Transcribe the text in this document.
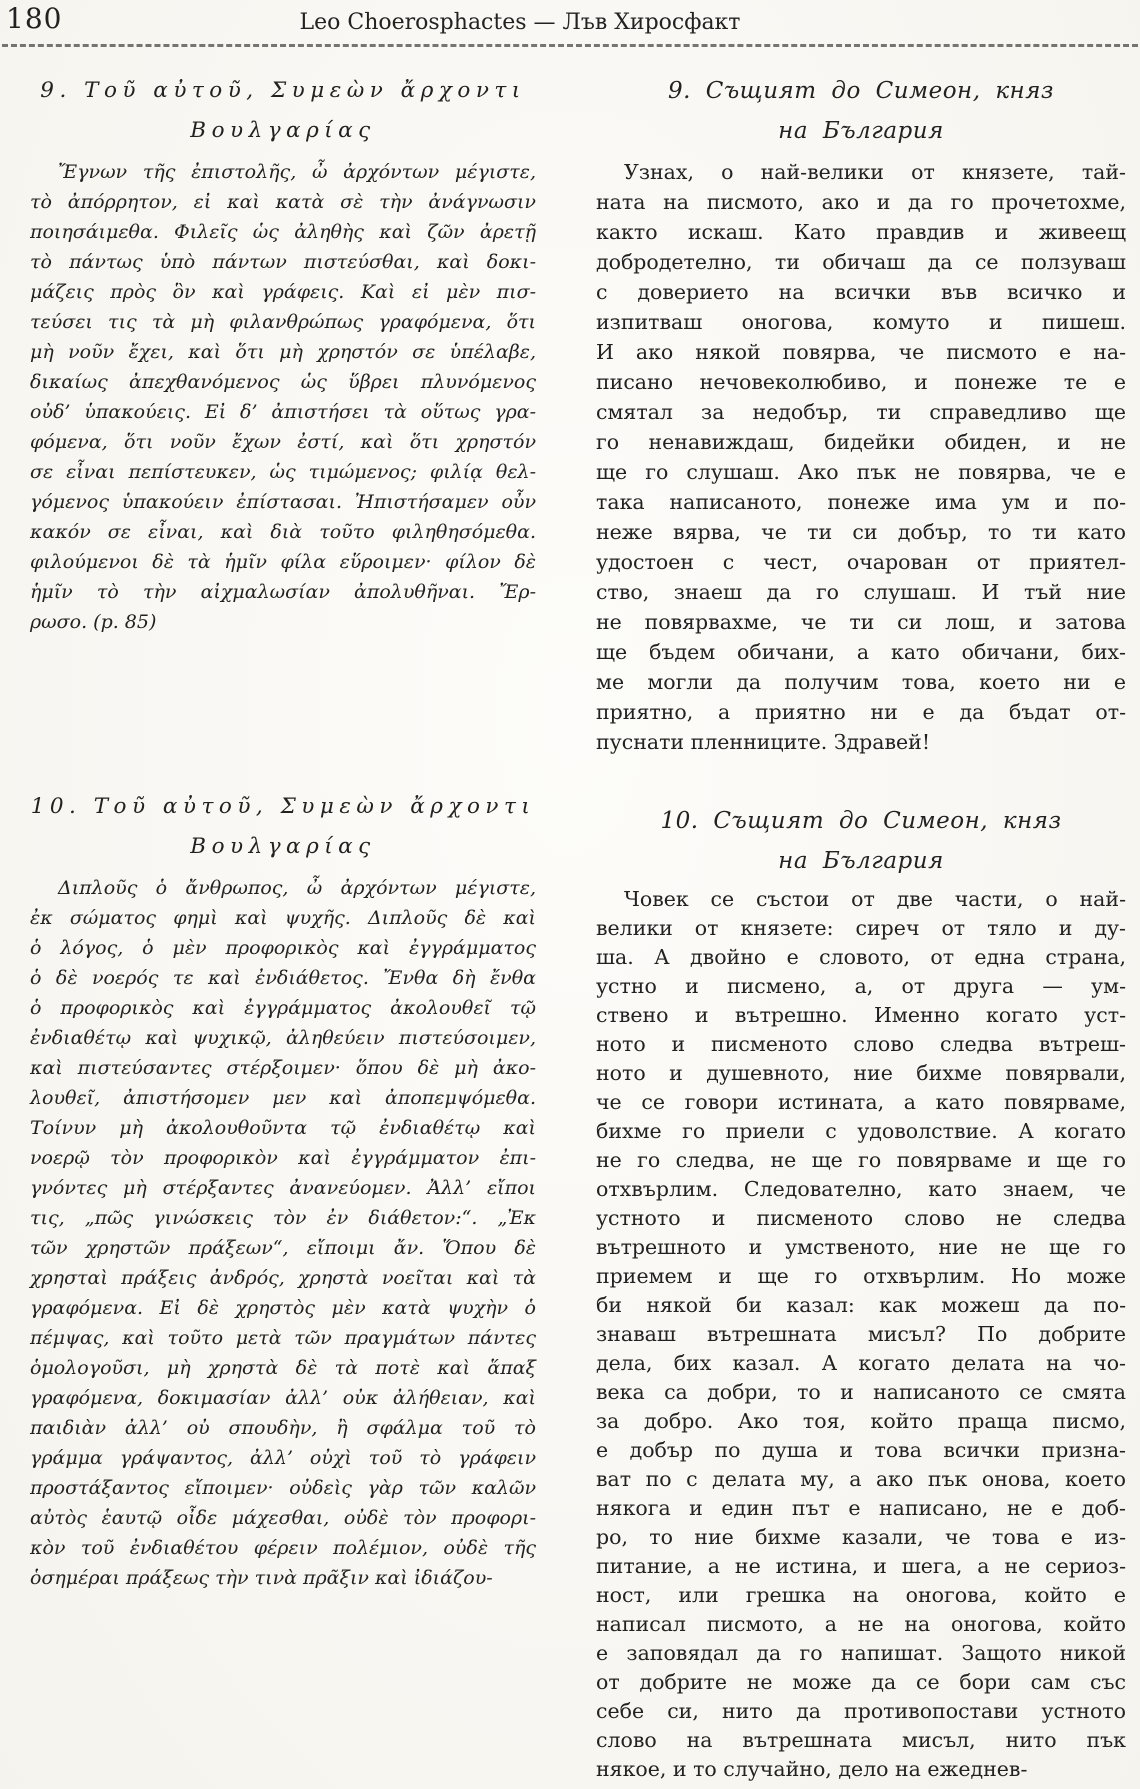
180	Leo Choerosphactes — Лъв Хиросфакт
9. Τοῦ αὐτοῦ, Συμεὼν ἄρχοντι
Βουλγαρίας
Ἔγνων τῆς ἐπιστολῆς, ὦ ἀρχόντων μέγιστε,
τὸ ἀπόρρητον, εἰ καὶ κατὰ σὲ τὴν ἀνάγνωσιν
ποιησάιμεθα. Φιλεῖς ὡς ἀληθὴς καὶ ζῶν ἀρετῇ
τὸ πάντως ὑπὸ πάντων πιστεύσθαι, καὶ δοκι-
μάζεις πρὸς ὃν καὶ γράφεις. Καὶ εἰ μὲν πισ-
τεύσει τις τὰ μὴ φιλανθρώπως γραφόμενα, ὅτι
μὴ νοῦν ἔχει, καὶ ὅτι μὴ χρηστόν σε ὑπέλαβε,
δικαίως ἀπεχθανόμενος ὡς ὕβρει πλυνόμενος
οὐδ’ ὑπακούεις. Εἰ δ’ ἀπιστήσει τὰ οὕτως γρα-
φόμενα, ὅτι νοῦν ἔχων ἐστί, καὶ ὅτι χρηστόν
σε εἶναι πεπίστευκεν, ὡς τιμώμενος; φιλίᾳ θελ-
γόμενος ὑπακούειν ἐπίστασαι. Ἠπιστήσαμεν οὖν
κακόν σε εἶναι, καὶ διὰ τοῦτο φιληθησόμεθα.
φιλούμενοι δὲ τὰ ἡμῖν φίλα εὕροιμεν· φίλον δὲ
ἡμῖν τὸ τὴν αἰχμαλωσίαν ἀπολυθῆναι. Ἔρ-
ρωσο. (p. 85)
10. Τοῦ αὐτοῦ, Συμεὼν ἄρχοντι
Βουλγαρίας
Διπλοῦς ὁ ἄνθρωπος, ὦ ἀρχόντων μέγιστε,
ἐκ σώματος φημὶ καὶ ψυχῆς. Διπλοῦς δὲ καὶ
ὁ λόγος, ὁ μὲν προφορικὸς καὶ ἐγγράμματος
ὁ δὲ νοερός τε καὶ ἐνδιάθετος. Ἔνθα δὴ ἔνθα
ὁ προφορικὸς καὶ ἐγγράμματος ἀκολουθεῖ τῷ
ἐνδιαθέτῳ καὶ ψυχικῷ, ἀληθεύειν πιστεύσοιμεν,
καὶ πιστεύσαντες στέρξοιμεν· ὅπου δὲ μὴ ἀκο-
λουθεῖ, ἀπιστήσομεν μεν καὶ ἀποπεμψόμεθα.
Τοίνυν μὴ ἀκολουθοῦντα τῷ ἐνδιαθέτῳ καὶ
νοερῷ τὸν προφορικὸν καὶ ἐγγράμματον ἐπι-
γνόντες μὴ στέρξαντες ἀνανεύομεν. Ἀλλ’ εἴποι
τις, „πῶς γινώσκεις τὸν ἐν διάθετον:“. „Ἐκ
τῶν χρηστῶν πράξεων“, εἴποιμι ἄν. Ὅπου δὲ
χρησταὶ πράξεις ἀνδρός, χρηστὰ νοεῖται καὶ τὰ
γραφόμενα. Εἰ δὲ χρηστὸς μὲν κατὰ ψυχὴν ὁ
πέμψας, καὶ τοῦτο μετὰ τῶν πραγμάτων πάντες
ὁμολογοῦσι, μὴ χρηστὰ δὲ τὰ ποτὲ καὶ ἅπαξ
γραφόμενα, δοκιμασίαν ἀλλ’ οὐκ ἀλήθειαν, καὶ
παιδιὰν ἀλλ’ οὐ σπουδὴν, ἢ σφάλμα τοῦ τὸ
γράμμα γράψαντος, ἀλλ’ οὐχὶ τοῦ τὸ γράφειν
προστάξαντος εἴποιμεν· οὐδεὶς γὰρ τῶν καλῶν
αὐτὸς ἑαυτῷ οἶδε μάχεσθαι, οὐδὲ τὸν προφορι-
κὸν τοῦ ἐνδιαθέτου φέρειν πολέμιον, οὐδὲ τῆς
ὁσημέραι πράξεως τὴν τινὰ πρᾶξιν καὶ ἰδιάζου-
9. Същият до Симеон, княз
на България
Узнах, о най-велики от князете, тай-
ната на писмото, ако и да го прочетохме,
както искаш. Като правдив и живеещ
добродетелно, ти обичаш да се ползуваш
с доверието на всички във всичко и
изпитваш оногова, комуто и пишеш.
И ако някой повярва, че писмото е на-
писано нечовеколюбиво, и понеже те е
смятал за недобър, ти справедливо ще
го ненавиждаш, бидейки обиден, и не
ще го слушаш. Ако пък не повярва, че е
така написаното, понеже има ум и по-
неже вярва, че ти си добър, то ти като
удостоен с чест, очарован от приятел-
ство, знаеш да го слушаш. И тъй ние
не повярвахме, че ти си лош, и затова
ще бъдем обичани, а като обичани, бих-
ме могли да получим това, което ни е
приятно, а приятно ни е да бъдат от-
пуснати пленниците. Здравей!
10. Същият до Симеон, княз
на България
Човек се състои от две части, о най-
велики от князете: сиреч от тяло и ду-
ша. А двойно е словото, от една страна,
устно и писмено, а, от друга — ум-
ствено и вътрешно. Именно когато уст-
ното и писменото слово следва вътреш-
ното и душевното, ние бихме повярвали,
че се говори истината, а като повярваме,
бихме го приели с удоволствие. А когато
не го следва, не ще го повярваме и ще го
отхвърлим. Следователно, като знаем, че
устното и писменото слово не следва
вътрешното и умственото, ние не ще го
приемем и ще го отхвърлим. Но може
би някой би казал: как можеш да по-
знаваш вътрешната мисъл? По добрите
дела, бих казал. А когато делата на чо-
века са добри, то и написаното се смята
за добро. Ако тоя, който праща писмо,
е добър по душа и това всички призна-
ват по с делата му, а ако пък онова, което
някога и един път е написано, не е доб-
ро, то ние бихме казали, че това е из-
питание, а не истина, и шега, а не сериоз-
ност, или грешка на оногова, който е
написал писмото, а не на оногова, който
е заповядал да го напишат. Защото никой
от добрите не може да се бори сам със
себе си, нито да противопостави устното
слово на вътрешната мисъл, нито пък
някое, и то случайно, дело на ежеднев-
